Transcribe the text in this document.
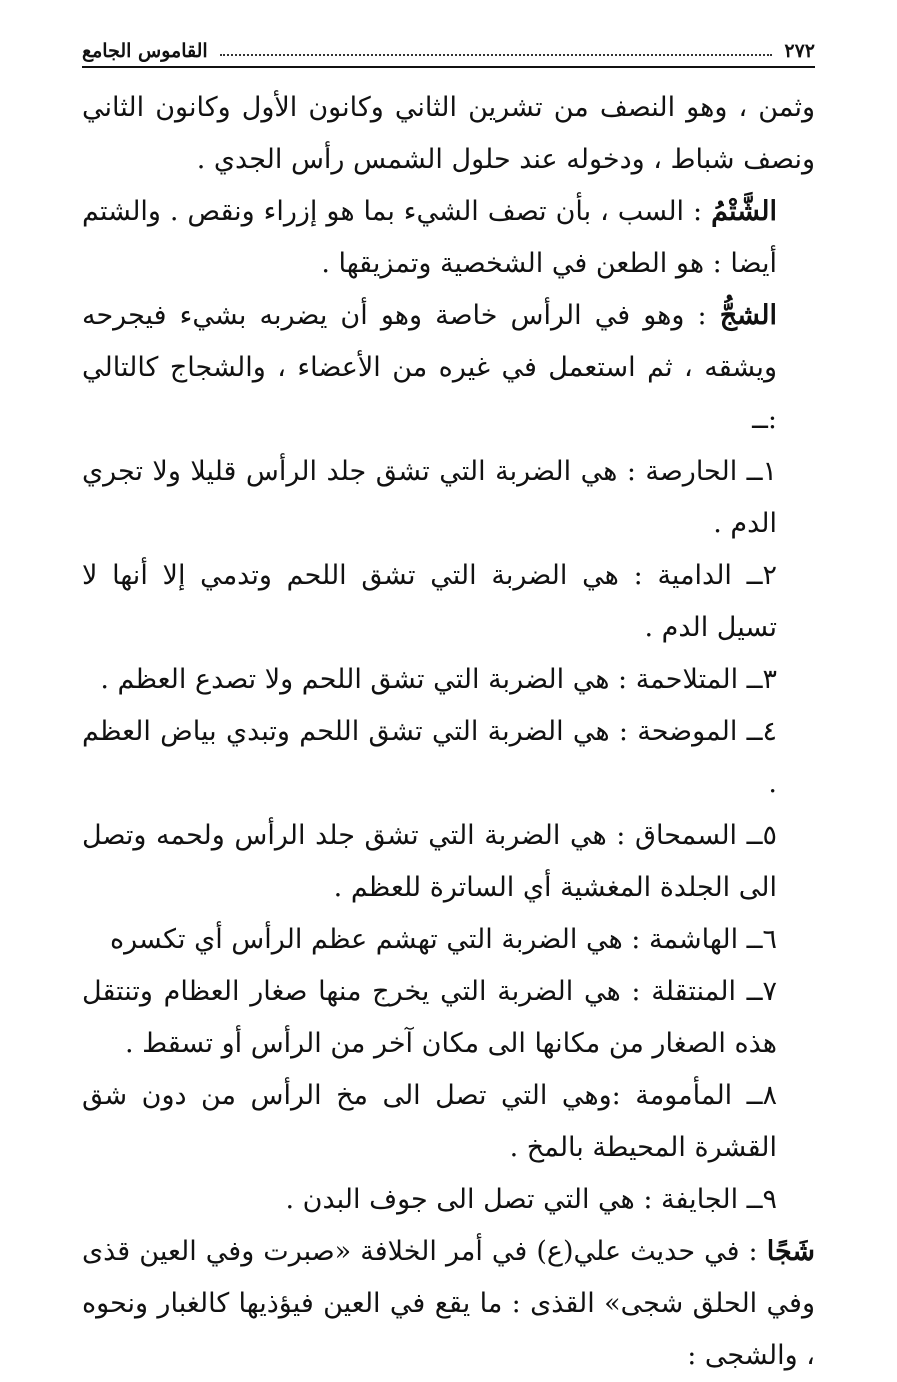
٢٧٢
القاموس الجامع

وثمن ، وهو النصف من تشرين الثاني وكانون الأول وكانون الثاني ونصف شباط ، ودخوله عند حلول الشمس رأس الجدي .

الشَّتْمُ : السب ، بأن تصف الشيء بما هو إزراء ونقص . والشتم أيضا : هو الطعن في الشخصية وتمزيقها .

الشجُّ : وهو في الرأس خاصة وهو أن يضربه بشيء فيجرحه ويشقه ، ثم استعمل في غيره من الأعضاء ، والشجاج كالتالي :ــ

١ــ الحارصة : هي الضربة التي تشق جلد الرأس قليلا ولا تجري الدم .

٢ــ الدامية : هي الضربة التي تشق اللحم وتدمي إلا أنها لا تسيل الدم .

٣ــ المتلاحمة : هي الضربة التي تشق اللحم ولا تصدع العظم .

٤ــ الموضحة : هي الضربة التي تشق اللحم وتبدي بياض العظم .

٥ــ السمحاق : هي الضربة التي تشق جلد الرأس ولحمه وتصل الى الجلدة المغشية أي الساترة للعظم .

٦ــ الهاشمة : هي الضربة التي تهشم عظم الرأس أي تكسره

٧ــ المنتقلة : هي الضربة التي يخرج منها صغار العظام وتنتقل هذه الصغار من مكانها الى مكان آخر من الرأس أو تسقط .

٨ــ المأمومة :وهي التي تصل الى مخ الرأس من دون شق القشرة المحيطة بالمخ .

٩ــ الجايفة : هي التي تصل الى جوف البدن .

شَجًا : في حديث علي(ع) في أمر الخلافة «صبرت وفي العين قذى وفي الحلق شجى» القذى : ما يقع في العين فيؤذيها كالغبار ونحوه ، والشجى :
